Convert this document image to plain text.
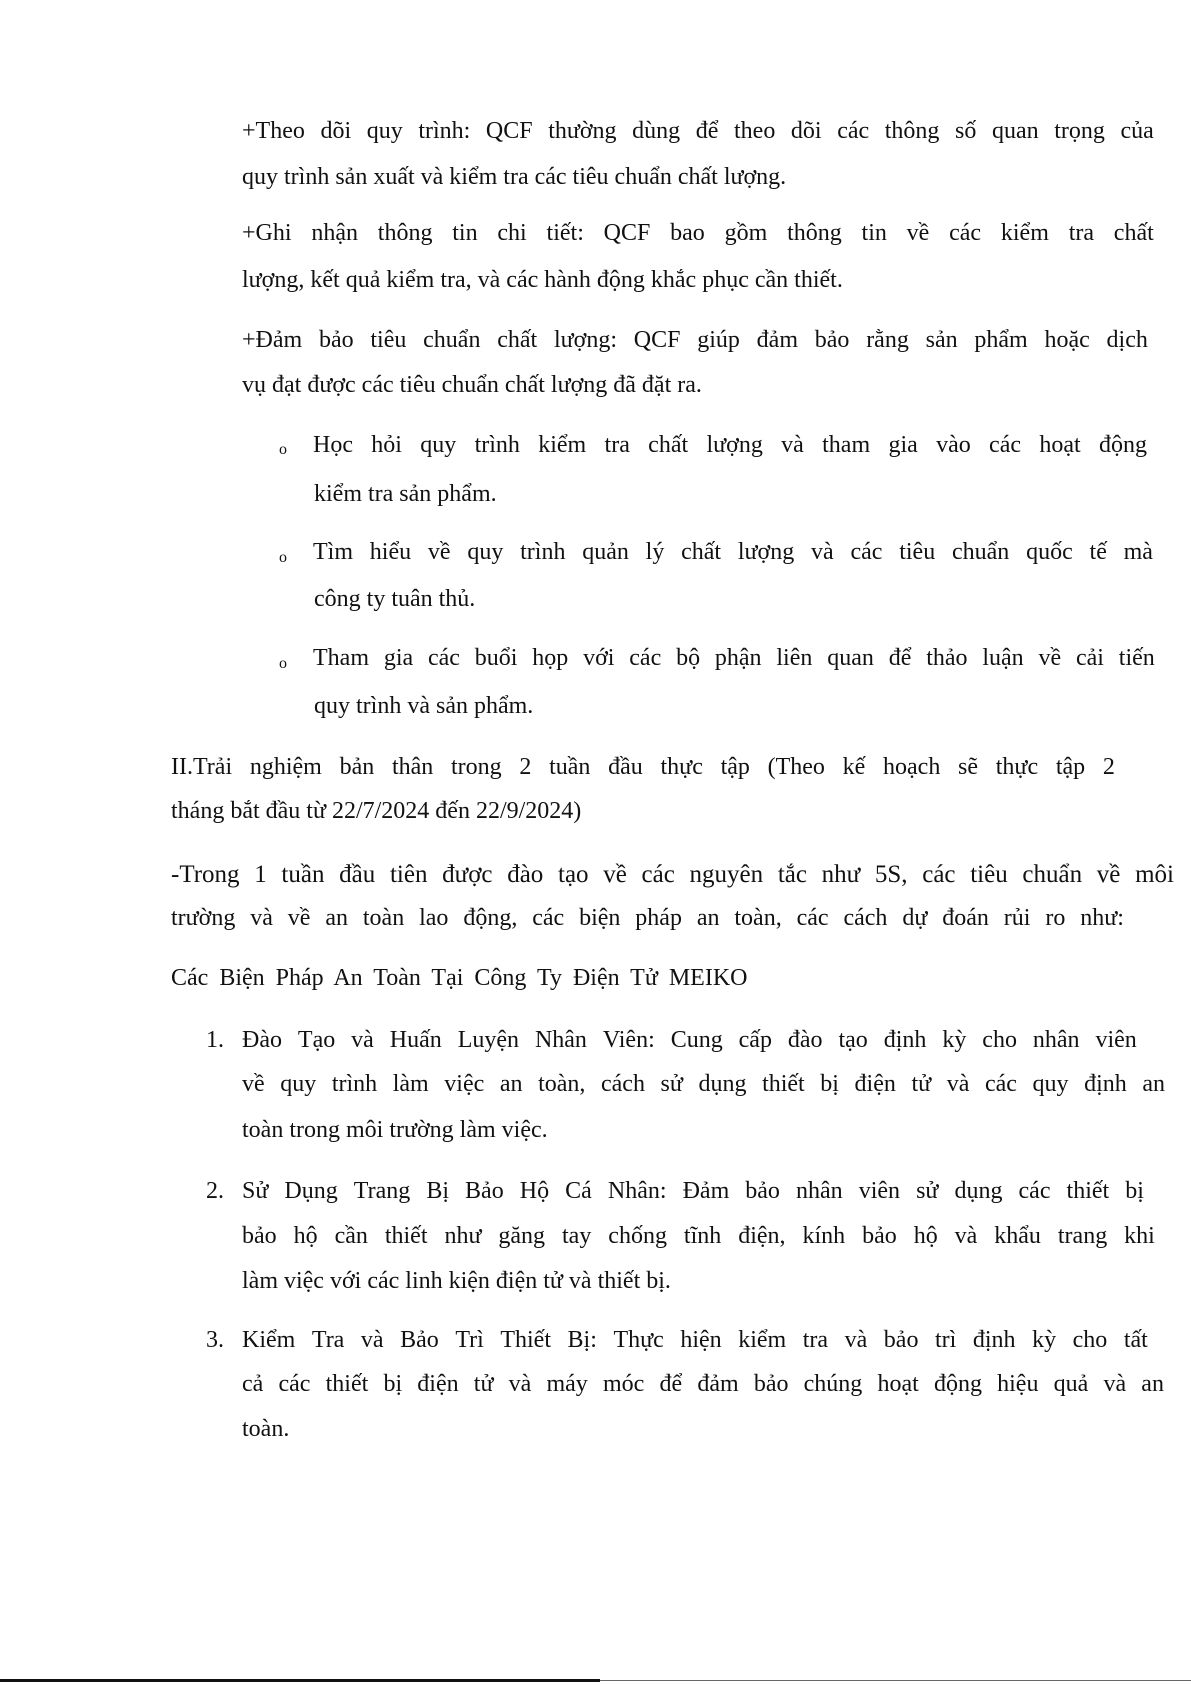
+Theo dõi quy trình: QCF thường dùng để theo dõi các thông số quan trọng của
quy trình sản xuất và kiểm tra các tiêu chuẩn chất lượng.
+Ghi nhận thông tin chi tiết: QCF bao gồm thông tin về các kiểm tra chất
lượng, kết quả kiểm tra, và các hành động khắc phục cần thiết.
+Đảm bảo tiêu chuẩn chất lượng: QCF giúp đảm bảo rằng sản phẩm hoặc dịch
vụ đạt được các tiêu chuẩn chất lượng đã đặt ra.
o Học hỏi quy trình kiểm tra chất lượng và tham gia vào các hoạt động
kiểm tra sản phẩm.
o Tìm hiểu về quy trình quản lý chất lượng và các tiêu chuẩn quốc tế mà
công ty tuân thủ.
o Tham gia các buổi họp với các bộ phận liên quan để thảo luận về cải tiến
quy trình và sản phẩm.
II.Trải nghiệm bản thân trong 2 tuần đầu thực tập (Theo kế hoạch sẽ thực tập 2
tháng bắt đầu từ 22/7/2024 đến 22/9/2024)
-Trong 1 tuần đầu tiên được đào tạo về các nguyên tắc như 5S, các tiêu chuẩn về môi
trường và về an toàn lao động, các biện pháp an toàn, các cách dự đoán rủi ro như:
Các Biện Pháp An Toàn Tại Công Ty Điện Tử MEIKO
1. Đào Tạo và Huấn Luyện Nhân Viên: Cung cấp đào tạo định kỳ cho nhân viên
về quy trình làm việc an toàn, cách sử dụng thiết bị điện tử và các quy định an
toàn trong môi trường làm việc.
2. Sử Dụng Trang Bị Bảo Hộ Cá Nhân: Đảm bảo nhân viên sử dụng các thiết bị
bảo hộ cần thiết như găng tay chống tĩnh điện, kính bảo hộ và khẩu trang khi
làm việc với các linh kiện điện tử và thiết bị.
3. Kiểm Tra và Bảo Trì Thiết Bị: Thực hiện kiểm tra và bảo trì định kỳ cho tất
cả các thiết bị điện tử và máy móc để đảm bảo chúng hoạt động hiệu quả và an
toàn.
